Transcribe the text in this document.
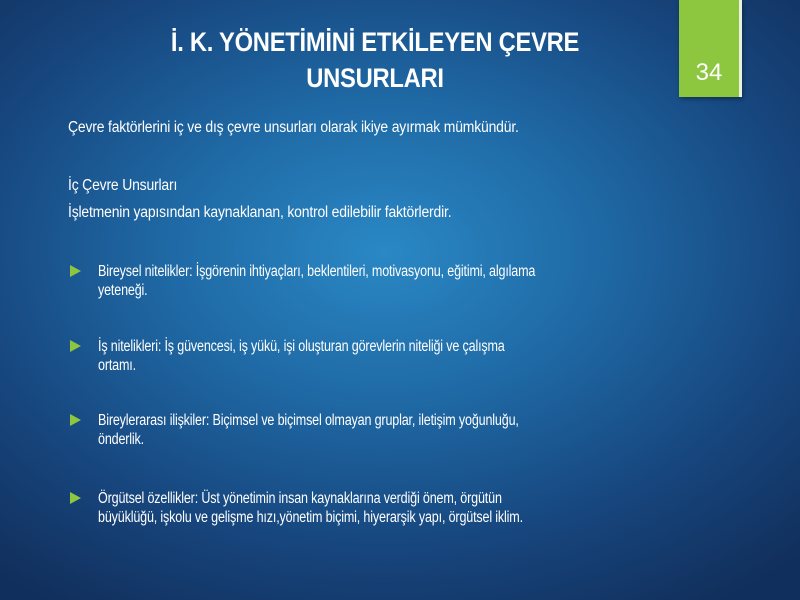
İ. K. YÖNETİMİNİ ETKİLEYEN ÇEVRE
UNSURLARI	34
Çevre faktörlerini iç ve dış çevre unsurları olarak ikiye ayırmak mümkündür.
İç Çevre Unsurları
İşletmenin yapısından kaynaklanan, kontrol edilebilir faktörlerdir.
Bireysel nitelikler: İşgörenin ihtiyaçları, beklentileri, motivasyonu, eğitimi, algılama
yeteneği.
İş nitelikleri: İş güvencesi, iş yükü, işi oluşturan görevlerin niteliği ve çalışma
ortamı.
Bireylerarası ilişkiler: Biçimsel ve biçimsel olmayan gruplar, iletişim yoğunluğu,
önderlik.
Örgütsel özellikler: Üst yönetimin insan kaynaklarına verdiği önem, örgütün
büyüklüğü, işkolu ve gelişme hızı,yönetim biçimi, hiyerarşik yapı, örgütsel iklim.
